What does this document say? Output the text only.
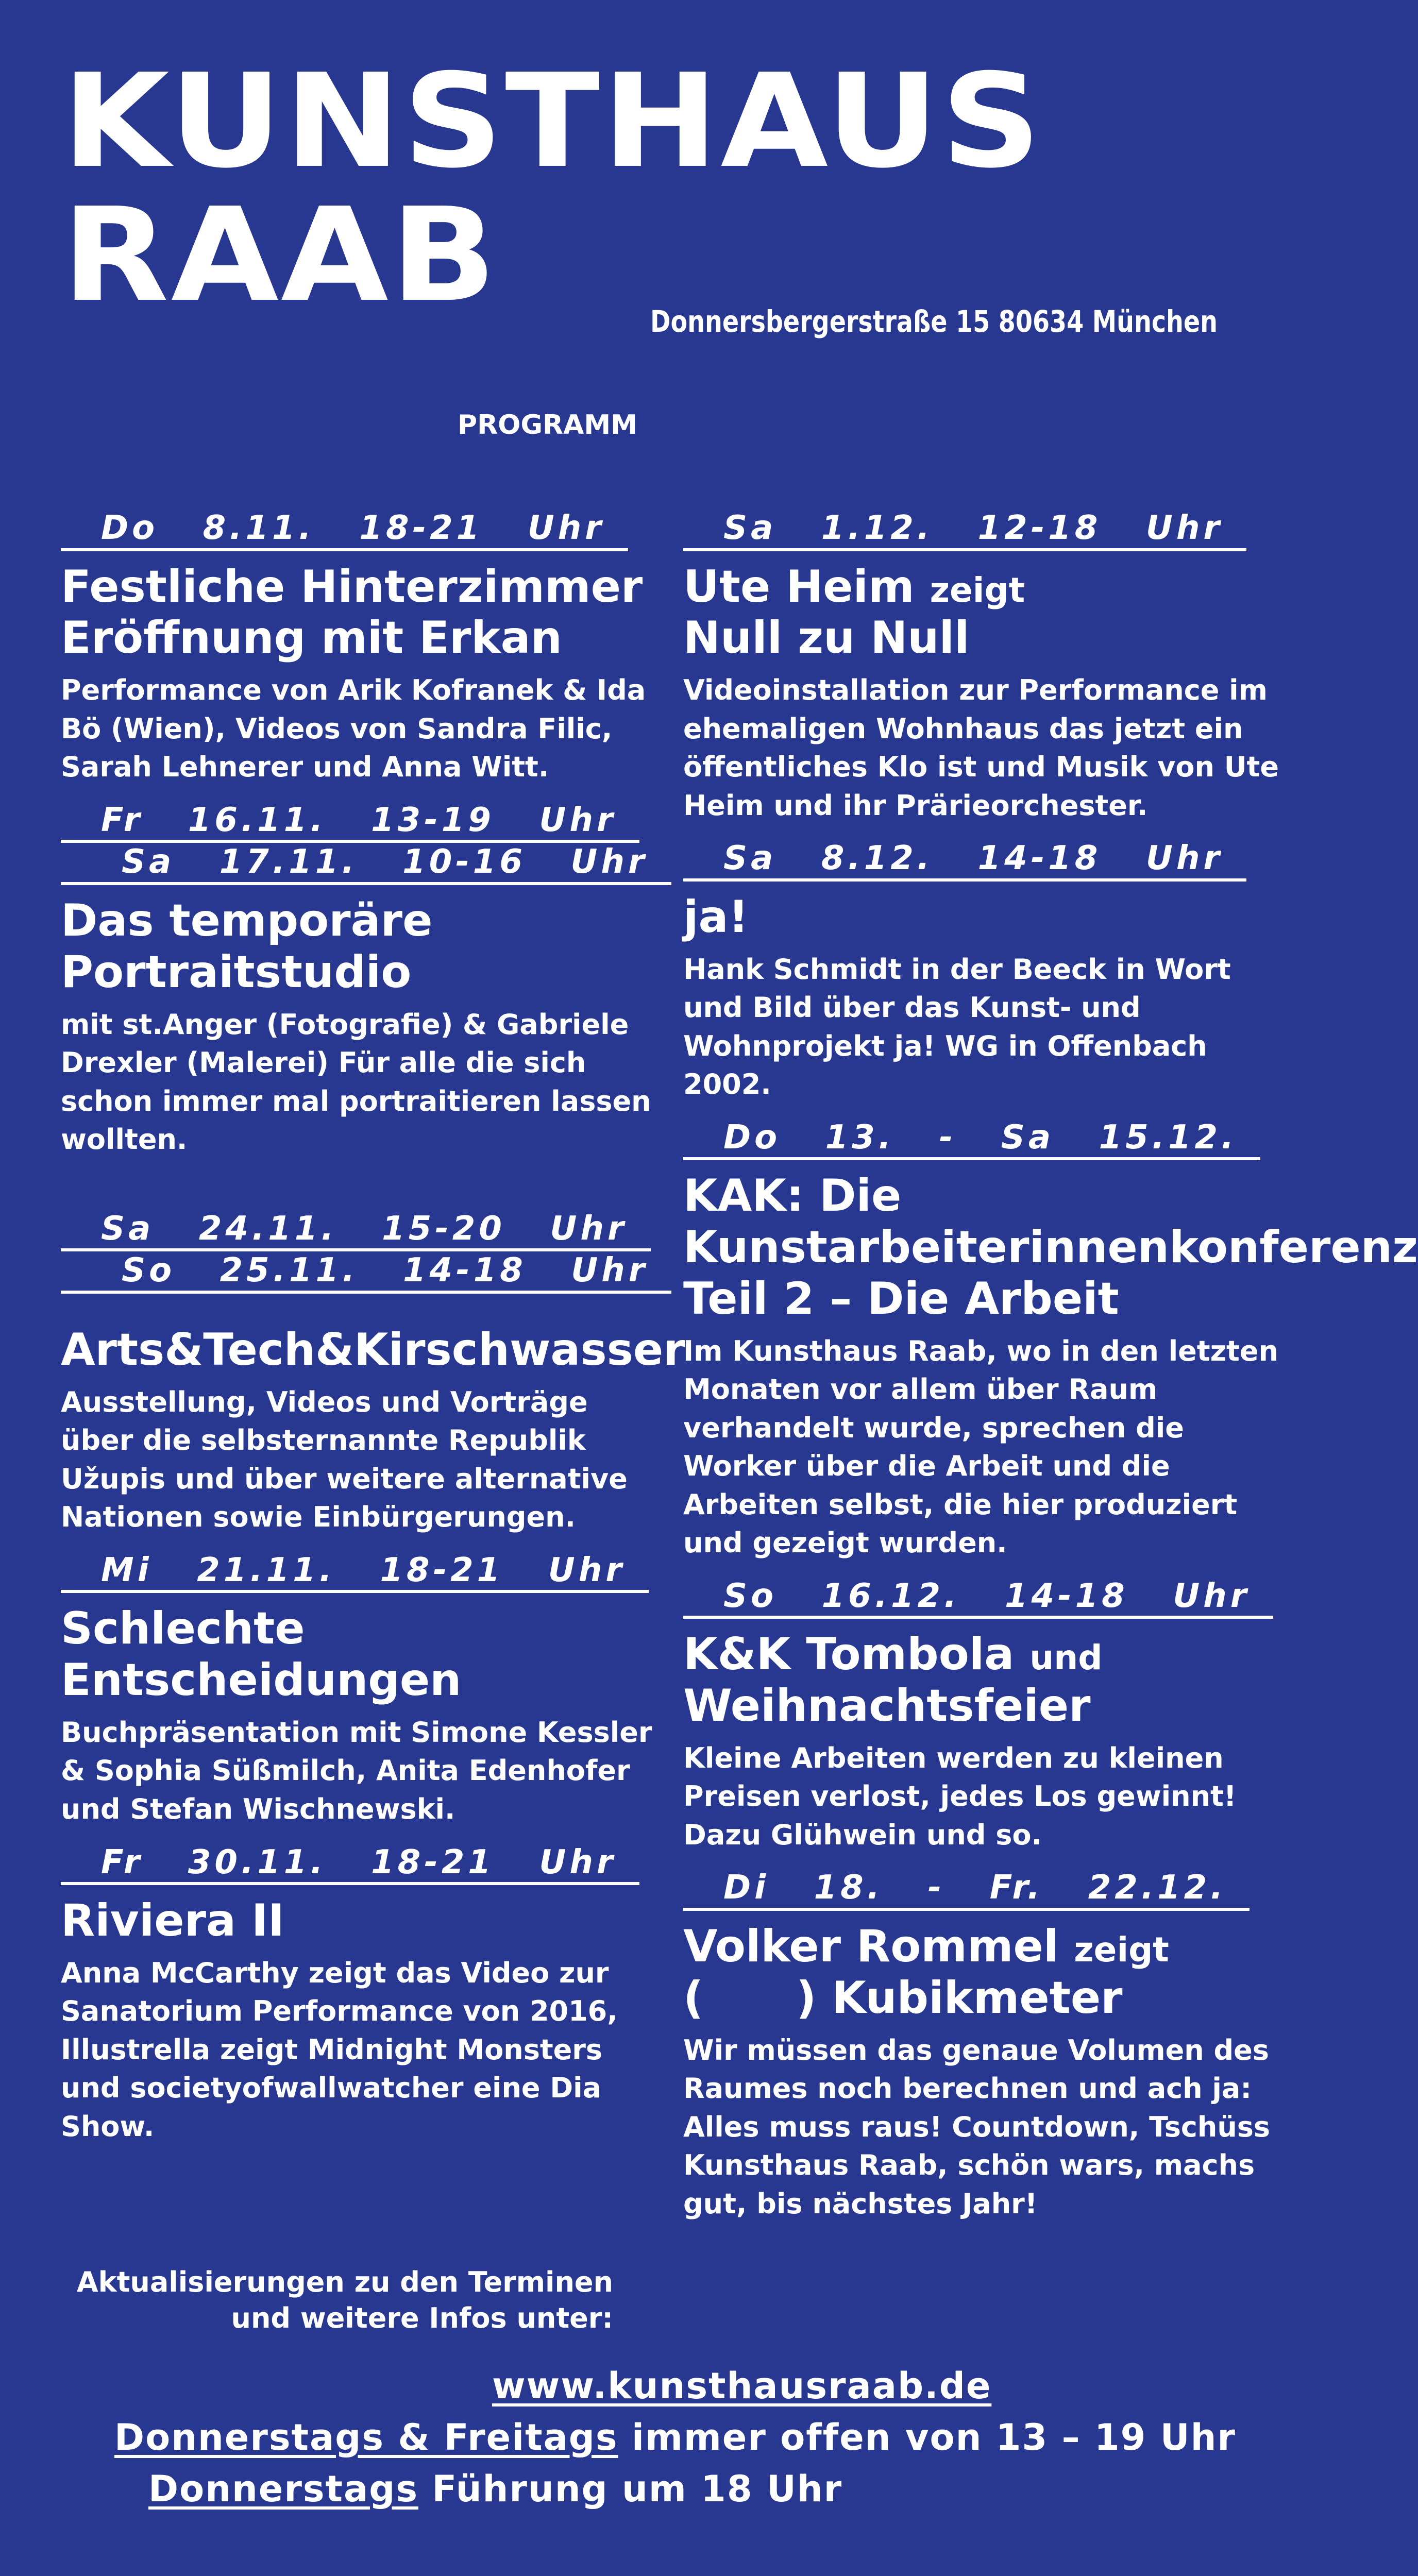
KUNSTHAUS
RAAB	Donnersbergerstraße 15 80634 München
PROGRAMM
Do  8.11.  18-21  Uhr
Festliche Hinterzimmer Eröffnung mit Erkan

Performance von Arik Kofranek & Ida Bö (Wien), Videos von Sandra Filic, Sarah Lehnerer und Anna Witt.

Fr  16.11.  13-19  Uhr
Sa  17.11.  10-16  Uhr
Das temporäre Portraitstudio

mit st.Anger (Fotografie) & Gabriele Drexler (Malerei) Für alle die sich schon immer mal portraitieren lassen wollten.

Sa  24.11.  15-20  Uhr
So  25.11.  14-18  Uhr
Arts&Tech&Kirschwasser

Ausstellung, Videos und Vorträge über die selbsternannte Republik Užupis und über weitere alternative Nationen sowie Einbürgerungen.

Mi  21.11.  18-21  Uhr
Schlechte Entscheidungen

Buchpräsentation mit Simone Kessler & Sophia Süßmilch, Anita Edenhofer und Stefan Wischnewski.

Fr  30.11.  18-21  Uhr
Riviera II

Anna McCarthy zeigt das Video zur Sanatorium Performance von 2016, Illustrella zeigt Midnight Monsters und societyofwallwatcher eine Dia Show.

Sa  1.12.  12-18  Uhr
Ute Heim zeigt
Null zu Null

Videoinstallation zur Performance im ehemaligen Wohnhaus das jetzt ein öffentliches Klo ist und Musik von Ute Heim und ihr Prärieorchester.

Sa  8.12.  14-18  Uhr
ja!

Hank Schmidt in der Beeck in Wort und Bild über das Kunst- und Wohnprojekt ja! WG in Offenbach 2002.

Do  13.  -  Sa  15.12.
KAK: Die Kunstarbeiterinnenkonferenz Teil 2 – Die Arbeit

Im Kunsthaus Raab, wo in den letzten Monaten vor allem über Raum verhandelt wurde, sprechen die Worker über die Arbeit und die Arbeiten selbst, die hier produziert und gezeigt wurden.

So  16.12.  14-18  Uhr
K&K Tombola und
Weihnachtsfeier

Kleine Arbeiten werden zu kleinen Preisen verlost, jedes Los gewinnt! Dazu Glühwein und so.

Di  18.  -  Fr.  22.12.
Volker Rommel zeigt
(      ) Kubikmeter

Wir müssen das genaue Volumen des Raumes noch berechnen und ach ja: Alles muss raus! Countdown, Tschüss Kunsthaus Raab, schön wars, machs gut, bis nächstes Jahr!

Aktualisierungen zu den Terminen
und weitere Infos unter:
www.kunsthausraab.de
Donnerstags & Freitags immer offen von 13 – 19 Uhr
Donnerstags Führung um 18 Uhr
